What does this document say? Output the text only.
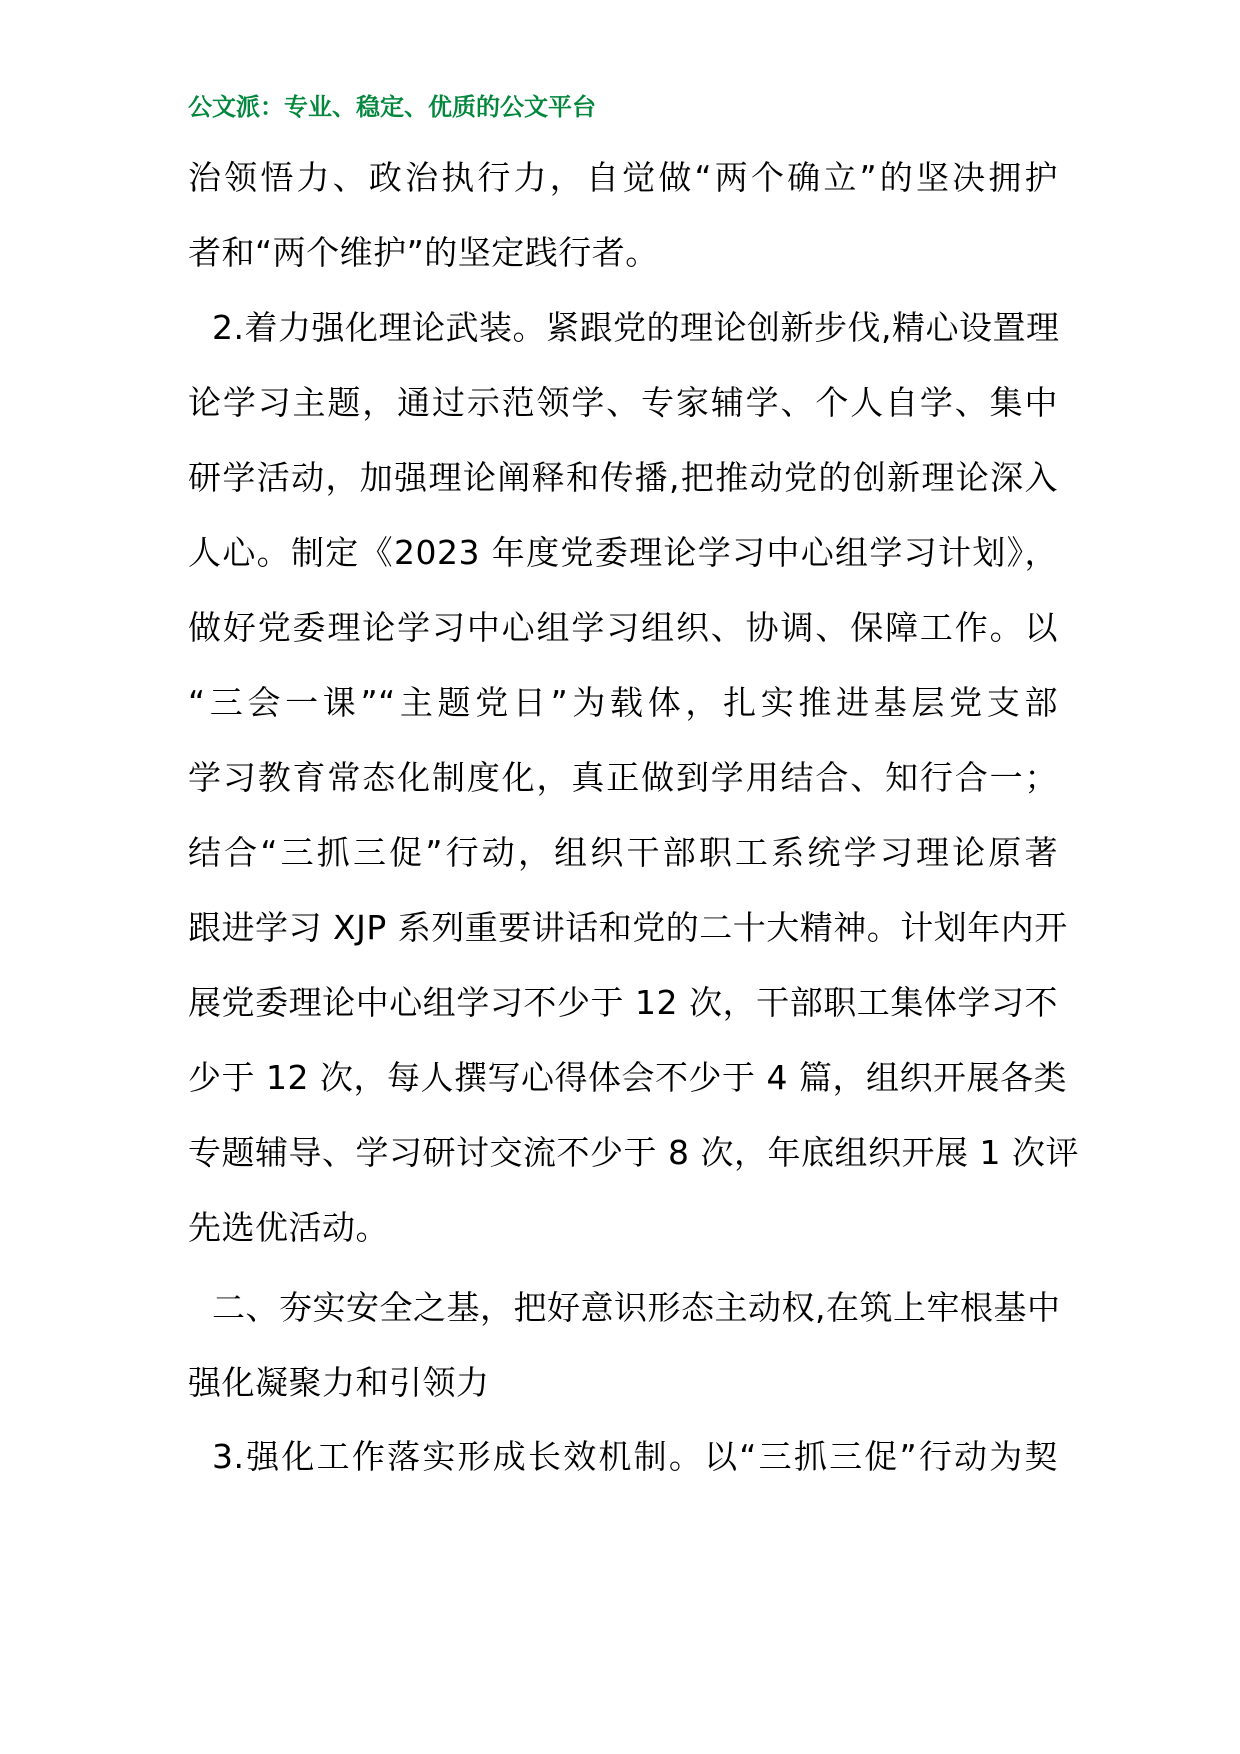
公文派：专业、稳定、优质的公文平台
治领悟力、政治执行力，自觉做“两个确立”的坚决拥护
者和“两个维护”的坚定践行者。
2.着力强化理论武装。紧跟党的理论创新步伐,精心设置理
论学习主题，通过示范领学、专家辅学、个人自学、集中
研学活动，加强理论阐释和传播,把推动党的创新理论深入
人心。制定《2023 年度党委理论学习中心组学习计划》，
做好党委理论学习中心组学习组织、协调、保障工作。以
“三会一课”“主题党日”为载体，扎实推进基层党支部
学习教育常态化制度化，真正做到学用结合、知行合一；
结合“三抓三促”行动，组织干部职工系统学习理论原著
跟进学习 XJP 系列重要讲话和党的二十大精神。计划年内开
展党委理论中心组学习不少于 12 次，干部职工集体学习不
少于 12 次，每人撰写心得体会不少于 4 篇，组织开展各类
专题辅导、学习研讨交流不少于 8 次，年底组织开展 1 次评
先选优活动。
二、夯实安全之基，把好意识形态主动权,在筑上牢根基中
强化凝聚力和引领力
3.强化工作落实形成长效机制。以“三抓三促”行动为契
